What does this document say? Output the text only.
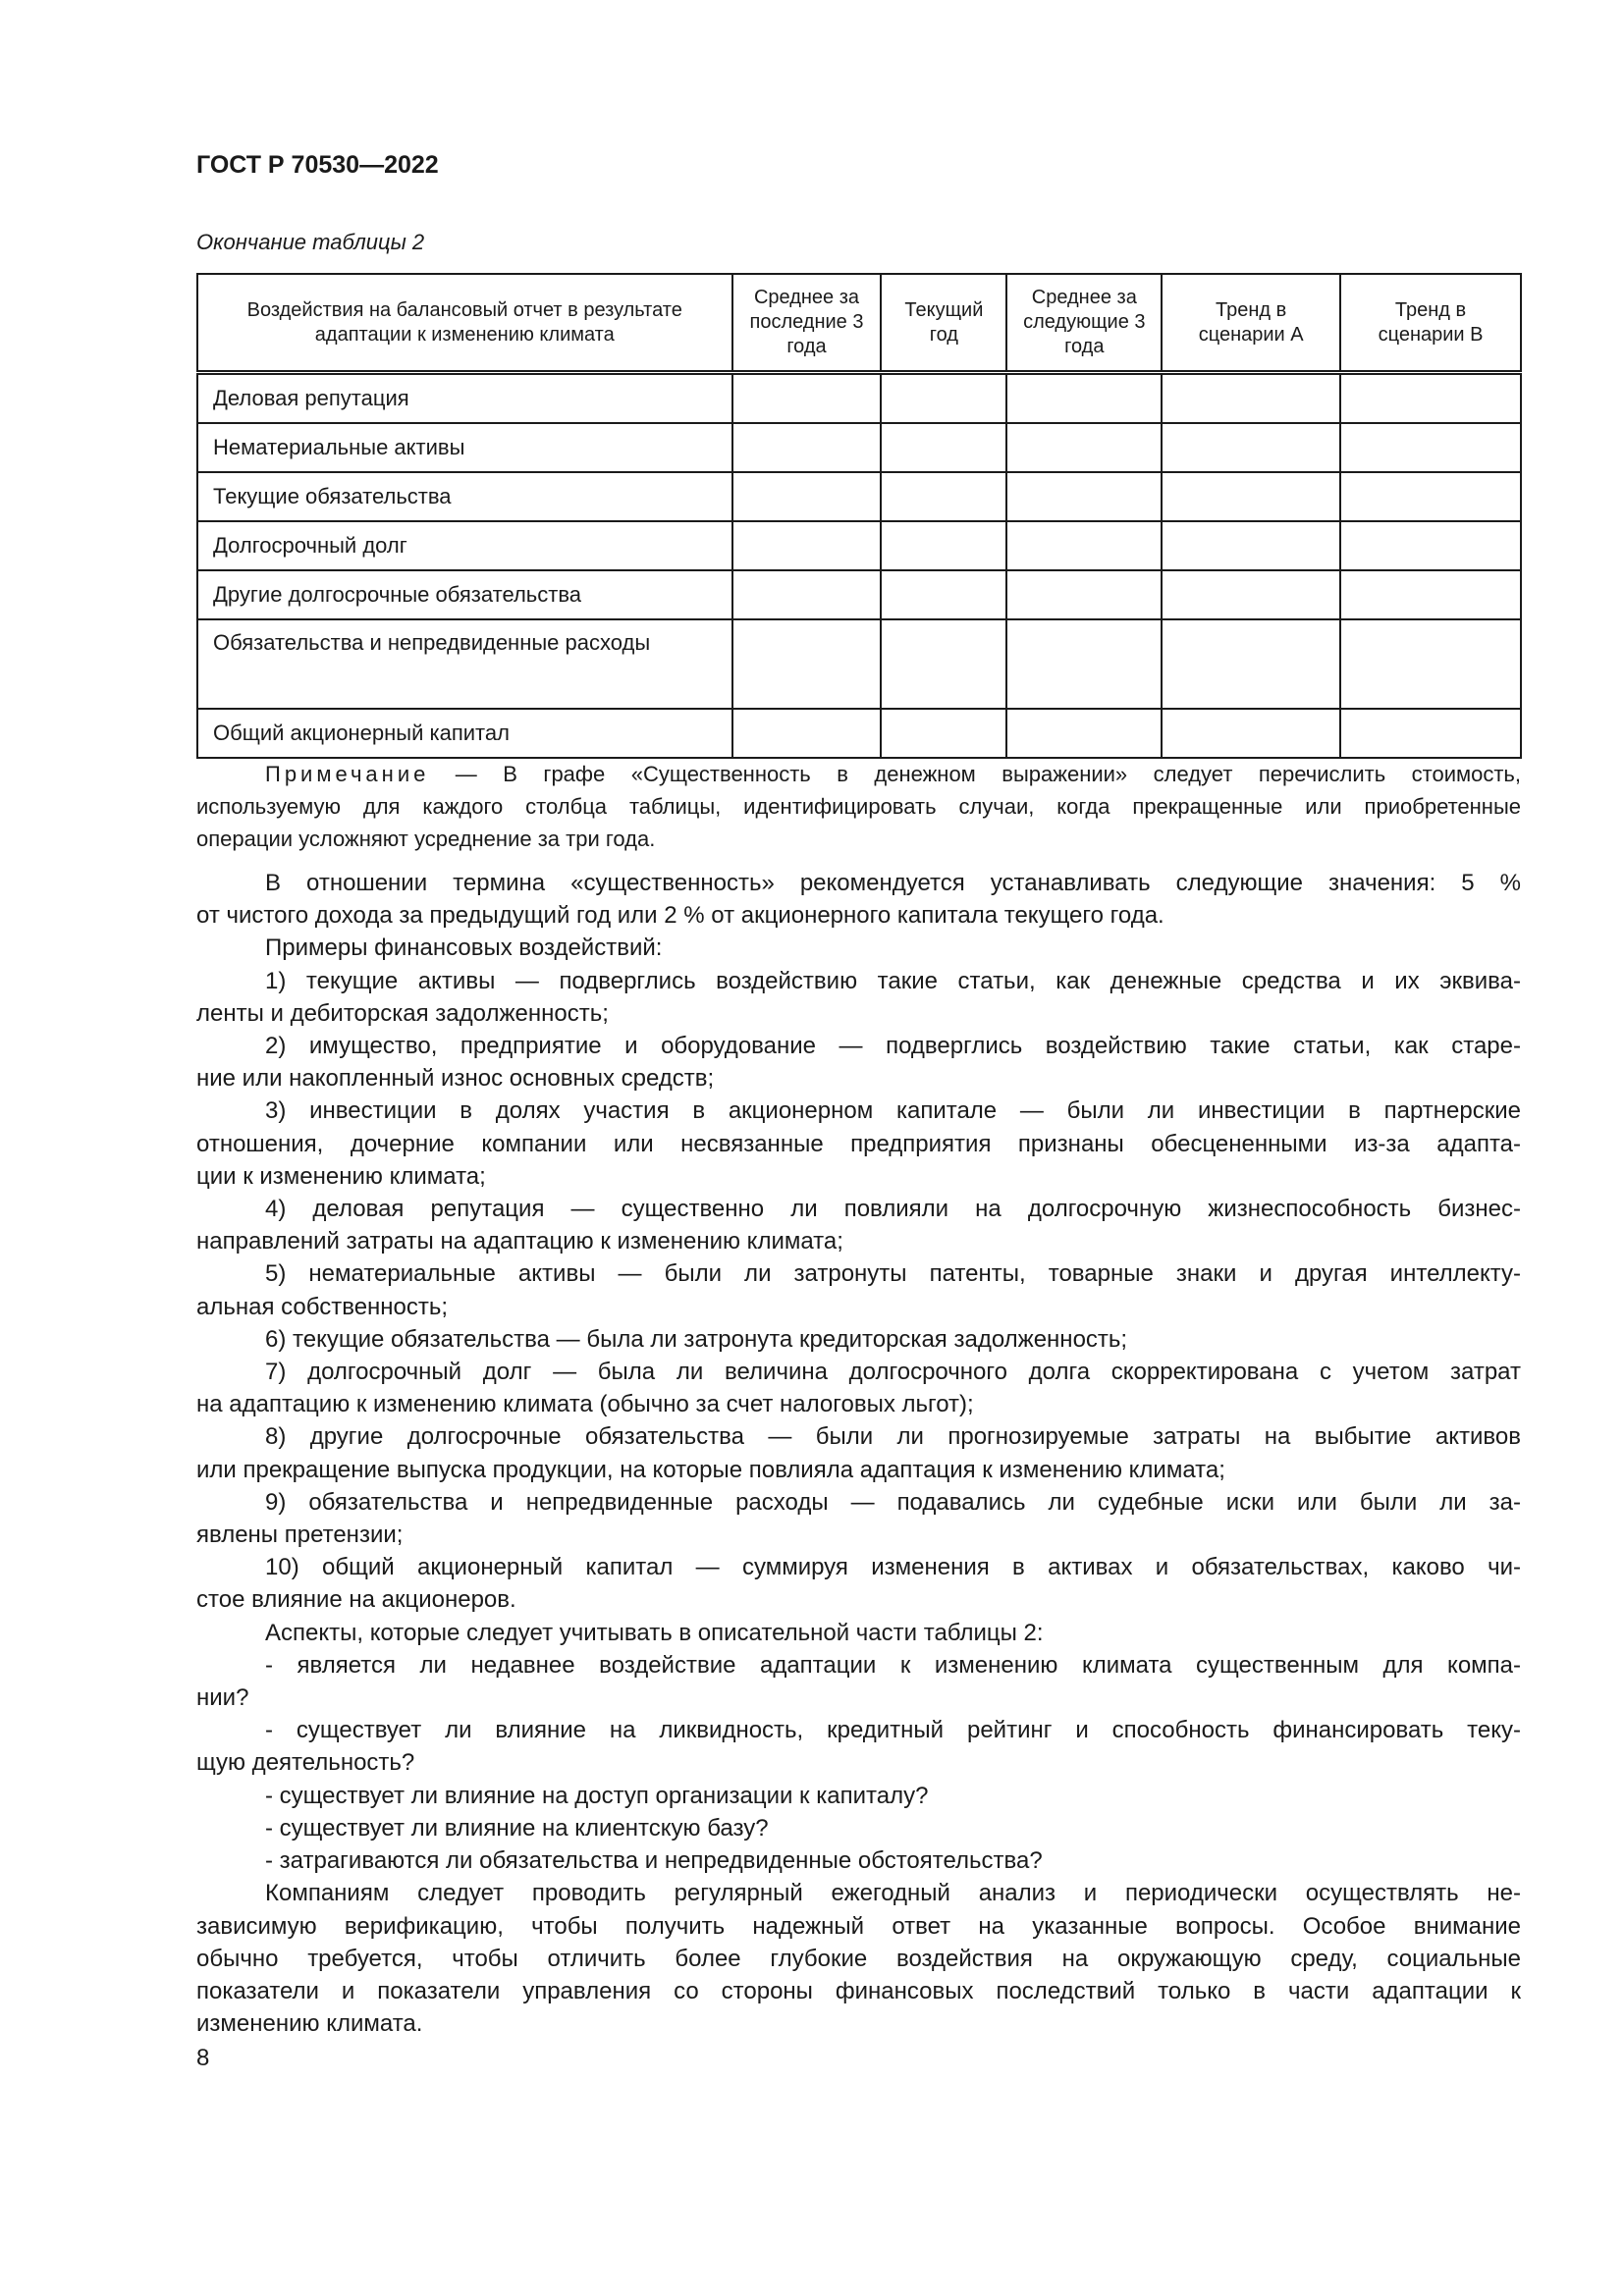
ГОСТ Р 70530—2022
Окончание таблицы 2
Воздействия на балансовый отчет в результате адаптации к изменению климата	Среднее за последние 3 года	Текущий год	Среднее за следующие 3 года	Тренд в сценарии А	Тренд в сценарии В
Деловая репутация					
Нематериальные активы					
Текущие обязательства					
Долгосрочный долг					
Другие долгосрочные обязательства					
Обязательства и непредвиденные расходы					
Общий акционерный капитал					
Примечание — В графе «Существенность в денежном выражении» следует перечислить стоимость,
используемую для каждого столбца таблицы, идентифицировать случаи, когда прекращенные или приобретенные
операции усложняют усреднение за три года.
В отношении термина «существенность» рекомендуется устанавливать следующие значения: 5 %
от чистого дохода за предыдущий год или 2 % от акционерного капитала текущего года.
Примеры финансовых воздействий:
1) текущие активы — подверглись воздействию такие статьи, как денежные средства и их эквива-
ленты и дебиторская задолженность;
2) имущество, предприятие и оборудование — подверглись воздействию такие статьи, как старе-
ние или накопленный износ основных средств;
3) инвестиции в долях участия в акционерном капитале — были ли инвестиции в партнерские
отношения, дочерние компании или несвязанные предприятия признаны обесцененными из-за адапта-
ции к изменению климата;
4) деловая репутация — существенно ли повлияли на долгосрочную жизнеспособность бизнес-
направлений затраты на адаптацию к изменению климата;
5) нематериальные активы — были ли затронуты патенты, товарные знаки и другая интеллекту-
альная собственность;
6) текущие обязательства — была ли затронута кредиторская задолженность;
7) долгосрочный долг — была ли величина долгосрочного долга скорректирована с учетом затрат
на адаптацию к изменению климата (обычно за счет налоговых льгот);
8) другие долгосрочные обязательства — были ли прогнозируемые затраты на выбытие активов
или прекращение выпуска продукции, на которые повлияла адаптация к изменению климата;
9) обязательства и непредвиденные расходы — подавались ли судебные иски или были ли за-
явлены претензии;
10) общий акционерный капитал — суммируя изменения в активах и обязательствах, каково чи-
стое влияние на акционеров.
Аспекты, которые следует учитывать в описательной части таблицы 2:
- является ли недавнее воздействие адаптации к изменению климата существенным для компа-
нии?
- существует ли влияние на ликвидность, кредитный рейтинг и способность финансировать теку-
щую деятельность?
- существует ли влияние на доступ организации к капиталу?
- существует ли влияние на клиентскую базу?
- затрагиваются ли обязательства и непредвиденные обстоятельства?
Компаниям следует проводить регулярный ежегодный анализ и периодически осуществлять не-
зависимую верификацию, чтобы получить надежный ответ на указанные вопросы. Особое внимание
обычно требуется, чтобы отличить более глубокие воздействия на окружающую среду, социальные
показатели и показатели управления со стороны финансовых последствий только в части адаптации к
изменению климата.
8
